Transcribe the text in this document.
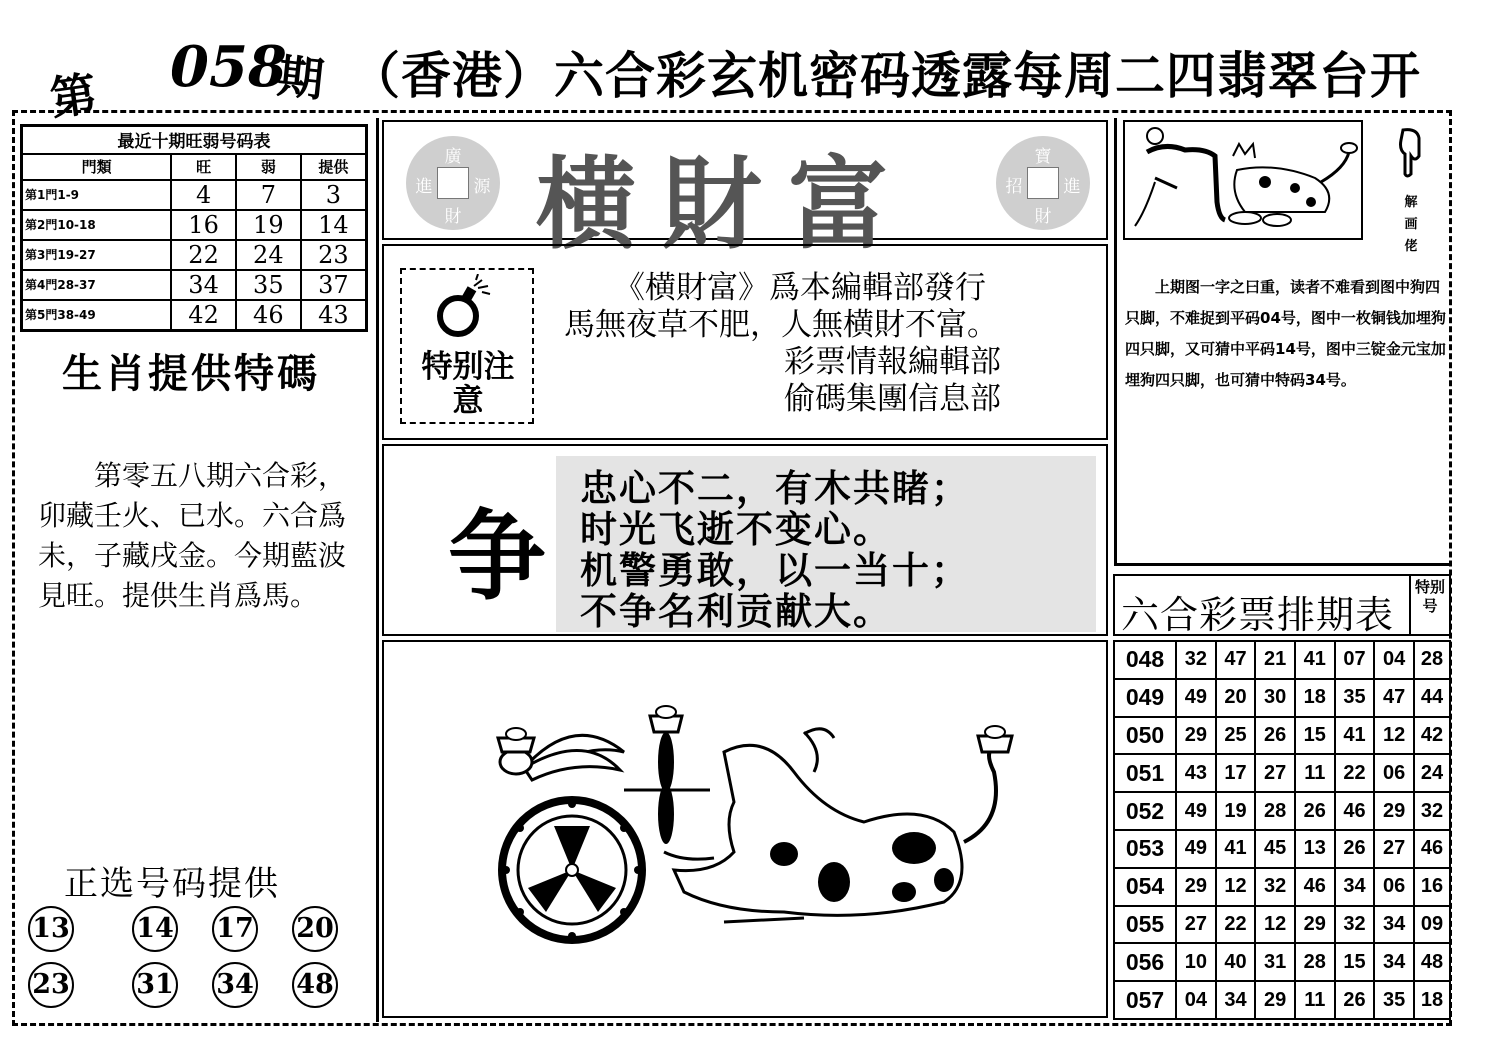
第 058
期 （香港）六合彩玄机密码透露每周二四翡翠台开
最近十期旺弱号码表			
門類	旺	弱	提供
第1門1-9	4	7	3
第2門10-18	16	19	14
第3門19-27	22	24	23
第4門28-37	34	35	37
第5門38-49	42	46	43
生肖提供特碼
第零五八期六合彩，卯藏壬火、已水。六合爲未，子藏戌金。今期藍波見旺。提供生肖爲馬。
正选号码提供
13 14 17 20
23 31 34 48
廣
進 源
財 横財富	寶
招 進
財
特别注意
《横財富》爲本編輯部發行
馬無夜草不肥，人無横財不富。
彩票情報編輯部
偷碼集團信息部
争
忠心不二，有木共睹；
时光飞逝不变心。
机警勇敢，以一当十；
不争名利贡献大。
解画佬
上期图一字之曰重，读者不难看到图中狗四只脚，不难捉到平码04号，图中一枚铜钱加埋狗四只脚，又可猜中平码14号，图中三锭金元宝加埋狗四只脚，也可猜中特码34号。
六合彩票排期表
特别号
048	32	47	21	41	07	04	28
049	49	20	30	18	35	47	44
050	29	25	26	15	41	12	42
051	43	17	27	11	22	06	24
052	49	19	28	26	46	29	32
053	49	41	45	13	26	27	46
054	29	12	32	46	34	06	16
055	27	22	12	29	32	34	09
056	10	40	31	28	15	34	48
057	04	34	29	11	26	35	18
